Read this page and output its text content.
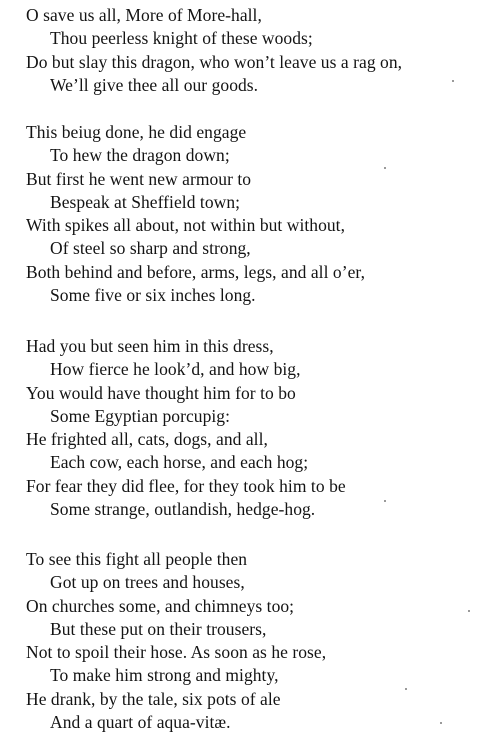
O save us all, More of More-hall,
Thou peerless knight of these woods;
Do but slay this dragon, who won’t leave us a rag on,
We’ll give thee all our goods.
This beiug done, he did engage
To hew the dragon down;
But first he went new armour to
Bespeak at Sheffield town;
With spikes all about, not within but without,
Of steel so sharp and strong,
Both behind and before, arms, legs, and all o’er,
Some five or six inches long.
Had you but seen him in this dress,
How fierce he look’d, and how big,
You would have thought him for to bo
Some Egyptian porcupig:
He frighted all, cats, dogs, and all,
Each cow, each horse, and each hog;
For fear they did flee, for they took him to be
Some strange, outlandish, hedge-hog.
To see this fight all people then
Got up on trees and houses,
On churches some, and chimneys too;
But these put on their trousers,
Not to spoil their hose. As soon as he rose,
To make him strong and mighty,
He drank, by the tale, six pots of ale
And a quart of aqua-vitæ.
